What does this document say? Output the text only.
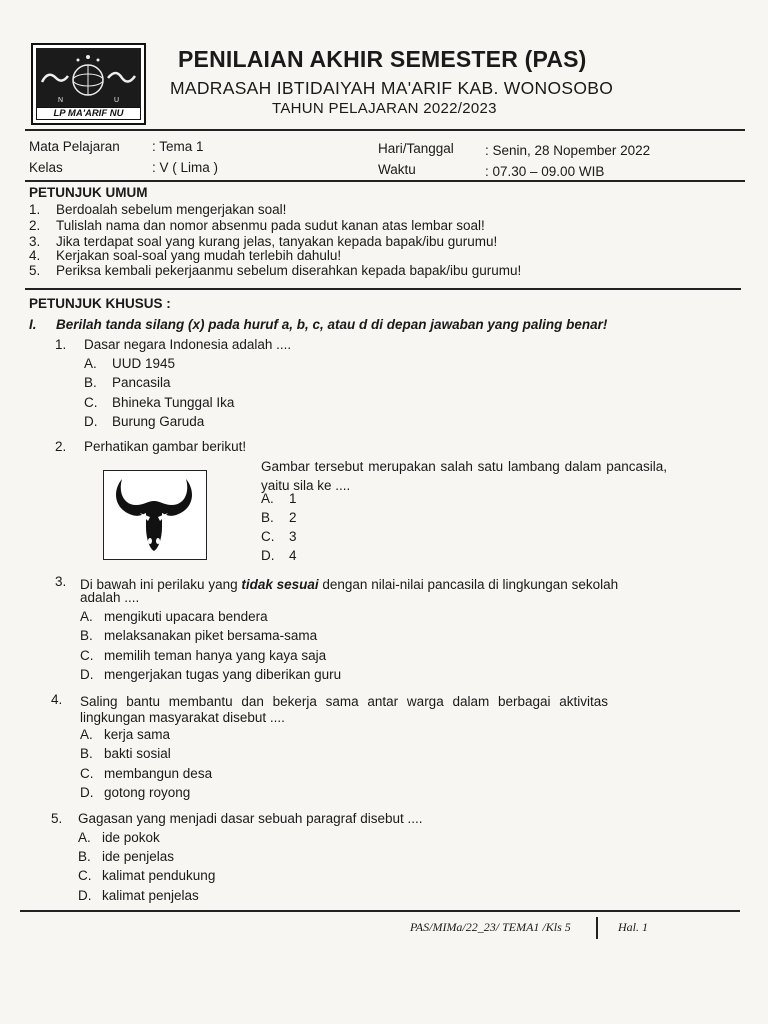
N	U
LP MA'ARIF NU
PENILAIAN AKHIR SEMESTER (PAS)
MADRASAH IBTIDAIYAH MA'ARIF KAB. WONOSOBO
TAHUN PELAJARAN 2022/2023
Mata Pelajaran : Tema 1
Kelas	: V ( Lima )
Hari/Tanggal : Senin, 28 Nopember 2022
Waktu	: 07.30 – 09.00 WIB
PETUNJUK UMUM
1. Berdoalah sebelum mengerjakan soal!
2. Tulislah nama dan nomor absenmu pada sudut kanan atas lembar soal!
3. Jika terdapat soal yang kurang jelas, tanyakan kepada bapak/ibu gurumu!
4. Kerjakan soal-soal yang mudah terlebih dahulu!
5. Periksa kembali pekerjaanmu sebelum diserahkan kepada bapak/ibu gurumu!
PETUNJUK KHUSUS :
I. Berilah tanda silang (x) pada huruf a, b, c, atau d di depan jawaban yang paling benar!
1. Dasar negara Indonesia adalah ....
A. UUD 1945
B. Pancasila
C. Bhineka Tunggal Ika
D. Burung Garuda
2. Perhatikan gambar berikut!
Gambar tersebut merupakan salah satu lambang dalam pancasila, yaitu sila ke ....
A. 1
B. 2
C. 3
D. 4
3. Di bawah ini perilaku yang tidak sesuai dengan nilai-nilai pancasila di lingkungan sekolah
adalah ....
A. mengikuti upacara bendera
B. melaksanakan piket bersama-sama
C. memilih teman hanya yang kaya saja
D. mengerjakan tugas yang diberikan guru
4. Saling bantu membantu dan bekerja sama antar warga dalam berbagai aktivitas
lingkungan masyarakat disebut ....
A. kerja sama
B. bakti sosial
C. membangun desa
D. gotong royong
5. Gagasan yang menjadi dasar sebuah paragraf disebut ....
A. ide pokok
B. ide penjelas
C. kalimat pendukung
D. kalimat penjelas
PAS/MIMa/22_23/ TEMA1 /Kls 5	Hal. 1
